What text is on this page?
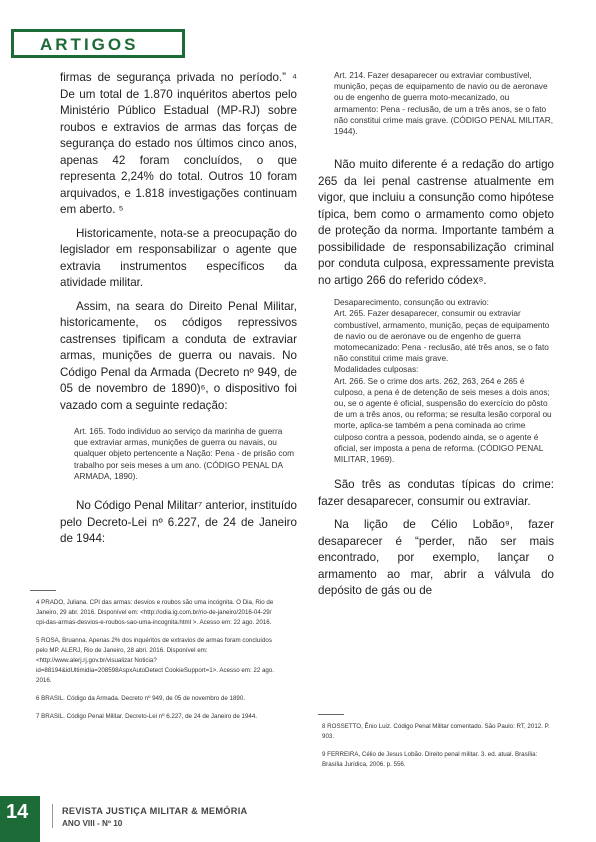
ARTIGOS

firmas de segurança privada no período.” ⁴ De um total de 1.870 inquéritos abertos pelo Ministério Público Estadual (MP-RJ) sobre roubos e extravios de armas das forças de segurança do estado nos últimos cinco anos, apenas 42 foram concluídos, o que representa 2,24% do total. Outros 10 foram arquivados, e 1.818 investigações continuam em aberto. ⁵

Historicamente, nota-se a preocupação do legislador em responsabilizar o agente que extravia instrumentos específicos da atividade militar.

Assim, na seara do Direito Penal Militar, historicamente, os códigos repressivos castrenses tipificam a conduta de extraviar armas, munições de guerra ou navais. No Código Penal da Armada (Decreto nº 949, de 05 de novembro de 1890)⁶, o dispositivo foi vazado com a seguinte redação:

Art. 165. Todo individuo ao serviço da marinha de guerra que extraviar armas, munições de guerra ou navais, ou qualquer objeto pertencente a Nação: Pena - de prisão com trabalho por seis meses a um ano. (CÓDIGO PENAL DA ARMADA, 1890).

No Código Penal Militar⁷ anterior, instituído pelo Decreto-Lei nº 6.227, de 24 de Janeiro de 1944:

Art. 214. Fazer desaparecer ou extraviar combustível, munição, peças de equipamento de navio ou de aeronave ou de engenho de guerra moto-mecanizado, ou armamento: Pena - reclusão, de um a três anos, se o fato não constitui crime mais grave. (CÓDIGO PENAL MILITAR, 1944).

Não muito diferente é a redação do artigo 265 da lei penal castrense atualmente em vigor, que incluiu a consunção como hipótese típica, bem como o armamento como objeto de proteção da norma. Importante também a possibilidade de responsabilização criminal por conduta culposa, expressamente prevista no artigo 266 do referido códex⁸.

Desaparecimento, consunção ou extravio:
Art. 265. Fazer desaparecer, consumir ou extraviar combustível, armamento, munição, peças de equipamento de navio ou de aeronave ou de engenho de guerra motomecanizado: Pena - reclusão, até três anos, se o fato não constitui crime mais grave.
Modalidades culposas:
Art. 266. Se o crime dos arts. 262, 263, 264 e 265 é culposo, a pena é de detenção de seis meses a dois anos; ou, se o agente é oficial, suspensão do exercício do pôsto de um a três anos, ou reforma; se resulta lesão corporal ou morte, aplica-se também a pena cominada ao crime culposo contra a pessoa, podendo ainda, se o agente é oficial, ser imposta a pena de reforma. (CÓDIGO PENAL MILITAR, 1969).

São três as condutas típicas do crime: fazer desaparecer, consumir ou extraviar.

Na lição de Célio Lobão⁹, fazer desaparecer é “perder, não ser mais encontrado, por exemplo, lançar o armamento ao mar, abrir a válvula do depósito de gás ou de

4 PRADO, Juliana. CPI das armas: desvios e roubos são uma incógnita. O Dia, Rio de Janeiro, 29 abr. 2016. Disponível em: <http://odia.ig.com.br/rio-de-janeiro/2016-04-29/ cpi-das-armas-desvios-e-roubos-sao-uma-incognita.html >. Acesso em: 22 ago. 2016.
5 ROSA, Bruanna. Apenas 2% dos inquéritos de extravios de armas foram concluídos pelo MP. ALERJ, Rio de Janeiro, 28 abri. 2016. Disponível em:<http://www.alerj.rj.gov.br/visualizar Noticia?id=88194&idUltimidia=208598AspxAutoDetect CookieSupport=1>. Acesso em: 22 ago. 2016.
6 BRASIL. Código da Armada. Decreto nº 949, de 05 de novembro de 1890.
7 BRASIL. Código Penal Militar. Decreto-Lei nº 6.227, de 24 de Janeiro de 1944.
8 ROSSETTO, Ênio Luiz. Código Penal Militar comentado. São Paulo: RT, 2012. P. 903.
9 FERREIRA, Célio de Jesus Lobão. Direito penal militar. 3. ed. atual. Brasília: Brasília Jurídica, 2006. p. 556.
14	REVISTA JUSTIÇA MILITAR & MEMÓRIA
ANO VIII - Nº 10
